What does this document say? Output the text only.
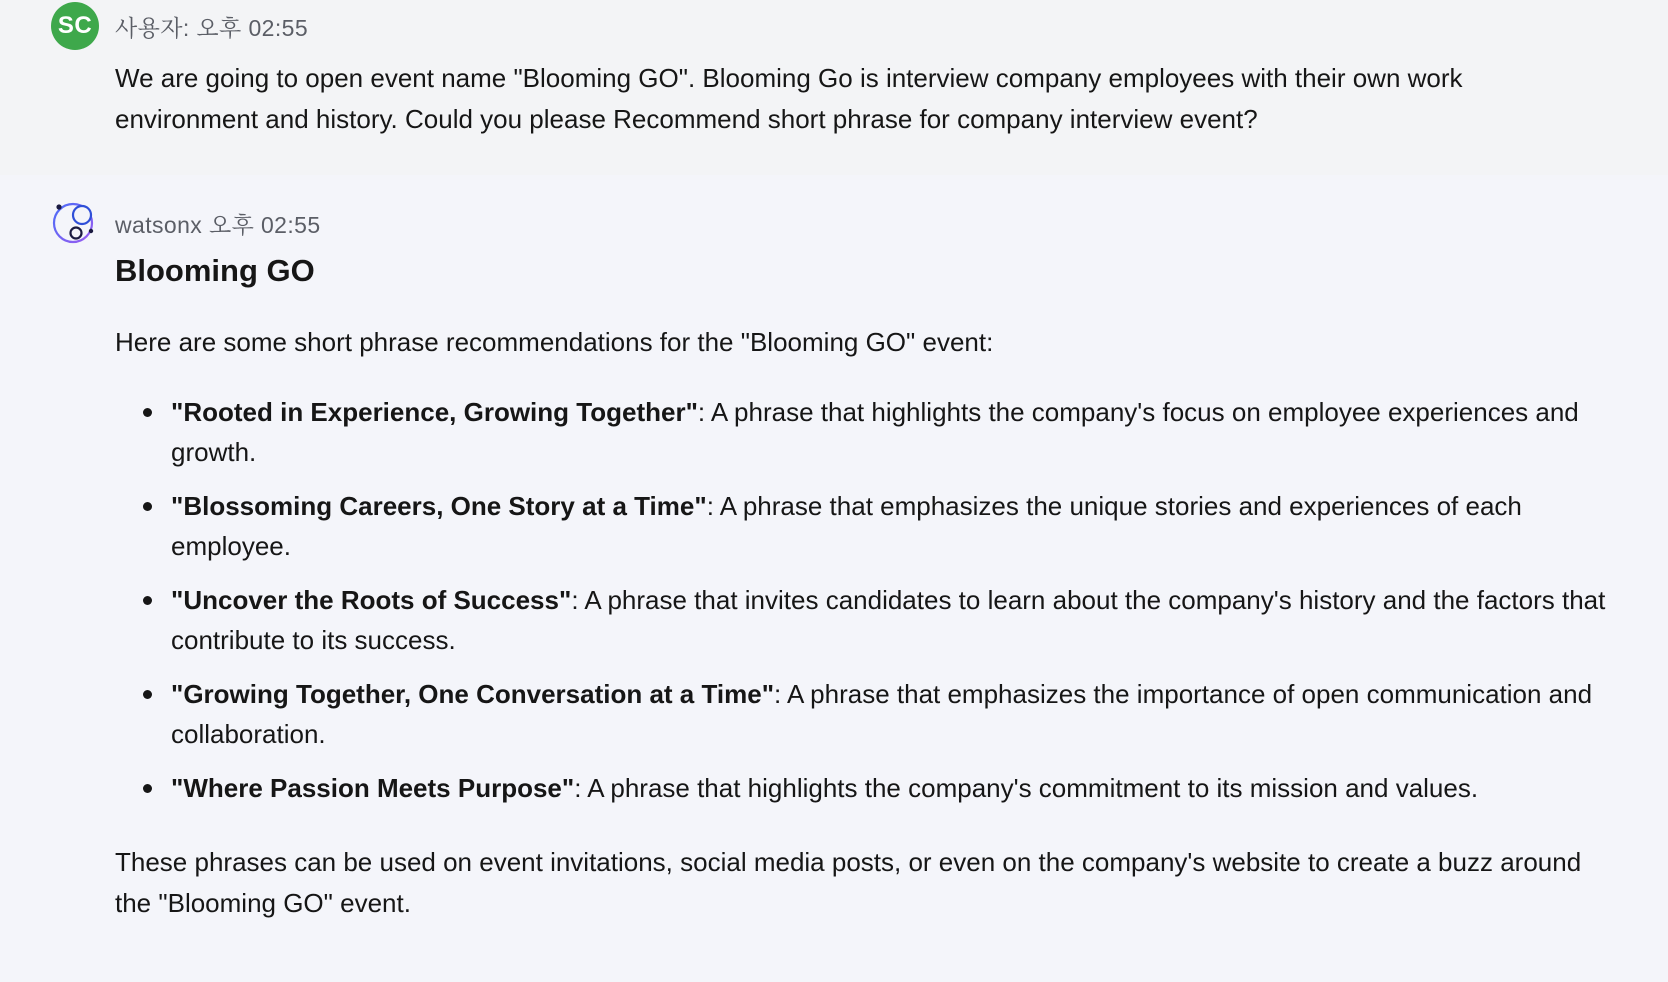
SC 사용자: 오후 02:55
We are going to open event name "Blooming GO". Blooming Go is interview company employees with their own work environment and history. Could you please Recommend short phrase for company interview event?
watsonx 오후 02:55
Blooming GO

Here are some short phrase recommendations for the "Blooming GO" event:

"Rooted in Experience, Growing Together": A phrase that highlights the company's focus on employee experiences and growth.
"Blossoming Careers, One Story at a Time": A phrase that emphasizes the unique stories and experiences of each employee.
"Uncover the Roots of Success": A phrase that invites candidates to learn about the company's history and the factors that contribute to its success.
"Growing Together, One Conversation at a Time": A phrase that emphasizes the importance of open communication and collaboration.
"Where Passion Meets Purpose": A phrase that highlights the company's commitment to its mission and values.

These phrases can be used on event invitations, social media posts, or even on the company's website to create a buzz around the "Blooming GO" event.
